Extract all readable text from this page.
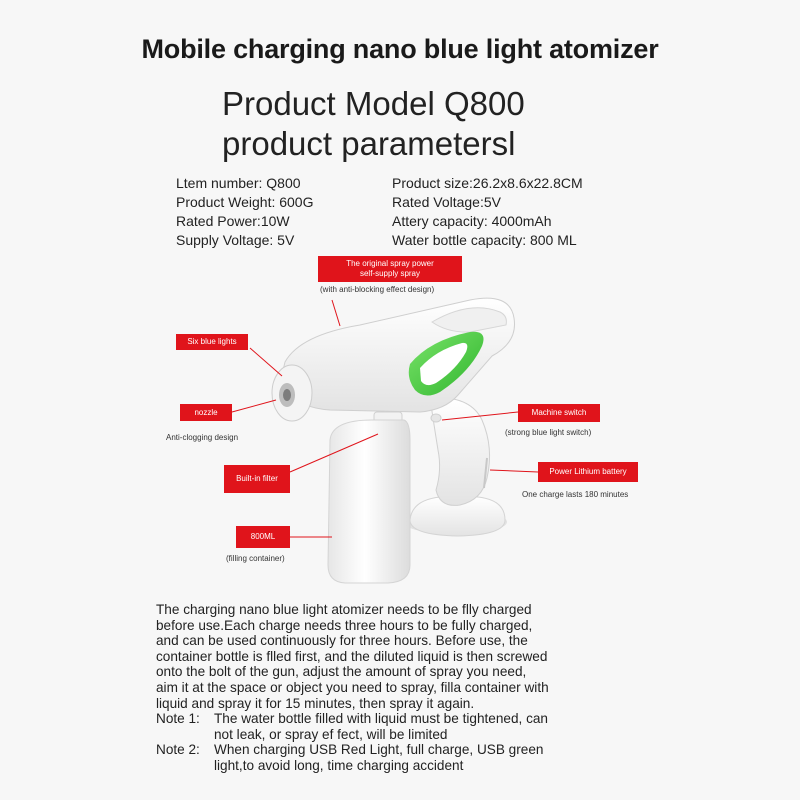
Mobile charging nano blue light atomizer
Product Model Q800
product parametersl
Ltem number: Q800	Product size:26.2x8.6x22.8CM
Product Weight: 600G	Rated Voltage:5V
Rated Power:10W	Attery capacity: 4000mAh
Supply Voltage: 5V	Water bottle capacity: 800 ML
The original spray power
self-supply spray
(with anti-blocking effect design)
Six blue lights
nozzle
Anti-clogging design
Built-in filter
800ML
(filling container)
Machine switch
(strong blue light switch)
Power Lithium battery
One charge lasts 180 minutes

The charging nano blue light atomizer needs to be flly charged

before use.Each charge needs three hours to be fully charged,

and can be used continuously for three hours. Before use, the

container bottle is flled first, and the diluted liquid is then screwed

onto the bolt of the gun, adjust the amount of spray you need,

aim it at the space or object you need to spray, filla container with

liquid and spray it for 15 minutes, then spray it again.

Note 1:	The water bottle filled with liquid must be tightened, can

not leak, or spray ef fect, will be limited

Note 2:	When charging USB Red Light, full charge, USB green

light,to avoid long, time charging accident
